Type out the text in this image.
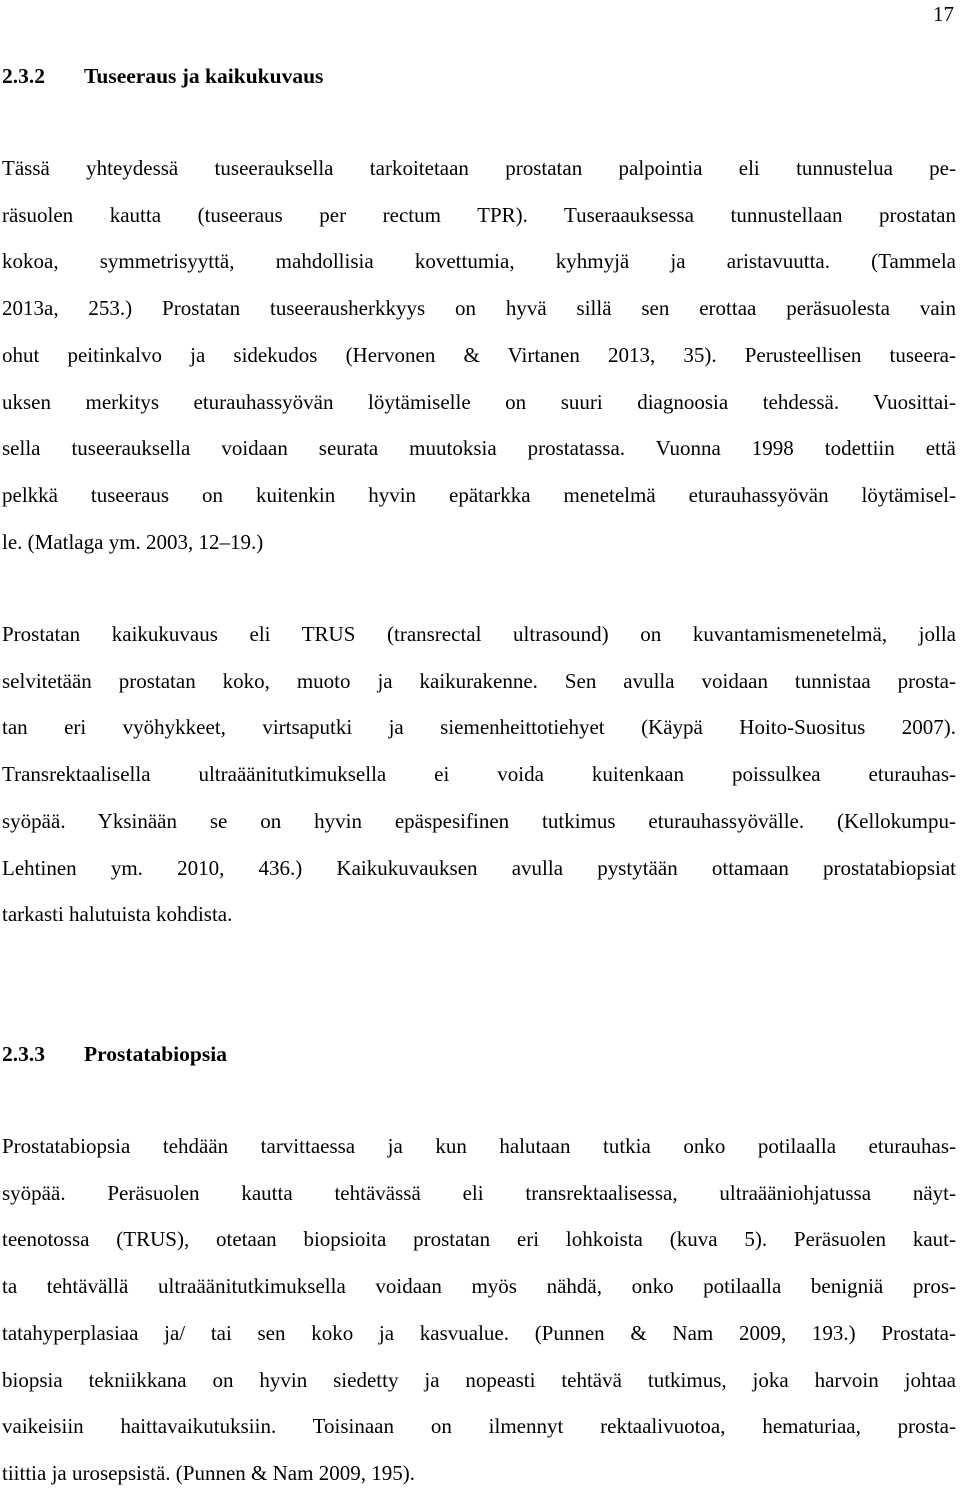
17
2.3.2 Tuseeraus ja kaikukuvaus
Tässä yhteydessä tuseerauksella tarkoitetaan prostatan palpointia eli tunnustelua pe-
räsuolen kautta (tuseeraus per rectum TPR). Tuseraauksessa tunnustellaan prostatan
kokoa, symmetrisyyttä, mahdollisia kovettumia, kyhmyjä ja aristavuutta. (Tammela
2013a, 253.) Prostatan tuseerausherkkyys on hyvä sillä sen erottaa peräsuolesta vain
ohut peitinkalvo ja sidekudos (Hervonen & Virtanen 2013, 35). Perusteellisen tuseera-
uksen merkitys eturauhassyövän löytämiselle on suuri diagnoosia tehdessä. Vuosittai-
sella tuseerauksella voidaan seurata muutoksia prostatassa. Vuonna 1998 todettiin että
pelkkä tuseeraus on kuitenkin hyvin epätarkka menetelmä eturauhassyövän löytämisel-
le. (Matlaga ym. 2003, 12–19.)
Prostatan kaikukuvaus eli TRUS (transrectal ultrasound) on kuvantamismenetelmä, jolla
selvitetään prostatan koko, muoto ja kaikurakenne. Sen avulla voidaan tunnistaa prosta-
tan eri vyöhykkeet, virtsaputki ja siemenheittotiehyet (Käypä Hoito-Suositus 2007).
Transrektaalisella ultraäänitutkimuksella ei voida kuitenkaan poissulkea eturauhas-
syöpää. Yksinään se on hyvin epäspesifinen tutkimus eturauhassyövälle. (Kellokumpu-
Lehtinen ym. 2010, 436.) Kaikukuvauksen avulla pystytään ottamaan prostatabiopsiat
tarkasti halutuista kohdista.
2.3.3 Prostatabiopsia
Prostatabiopsia tehdään tarvittaessa ja kun halutaan tutkia onko potilaalla eturauhas-
syöpää. Peräsuolen kautta tehtävässä eli transrektaalisessa, ultraääniohjatussa näyt-
teenotossa (TRUS), otetaan biopsioita prostatan eri lohkoista (kuva 5). Peräsuolen kaut-
ta tehtävällä ultraäänitutkimuksella voidaan myös nähdä, onko potilaalla benigniä pros-
tatahyperplasiaa ja/ tai sen koko ja kasvualue. (Punnen & Nam 2009, 193.) Prostata-
biopsia tekniikkana on hyvin siedetty ja nopeasti tehtävä tutkimus, joka harvoin johtaa
vaikeisiin haittavaikutuksiin. Toisinaan on ilmennyt rektaalivuotoa, hematuriaa, prosta-
tiittia ja urosepsistä. (Punnen & Nam 2009, 195).
